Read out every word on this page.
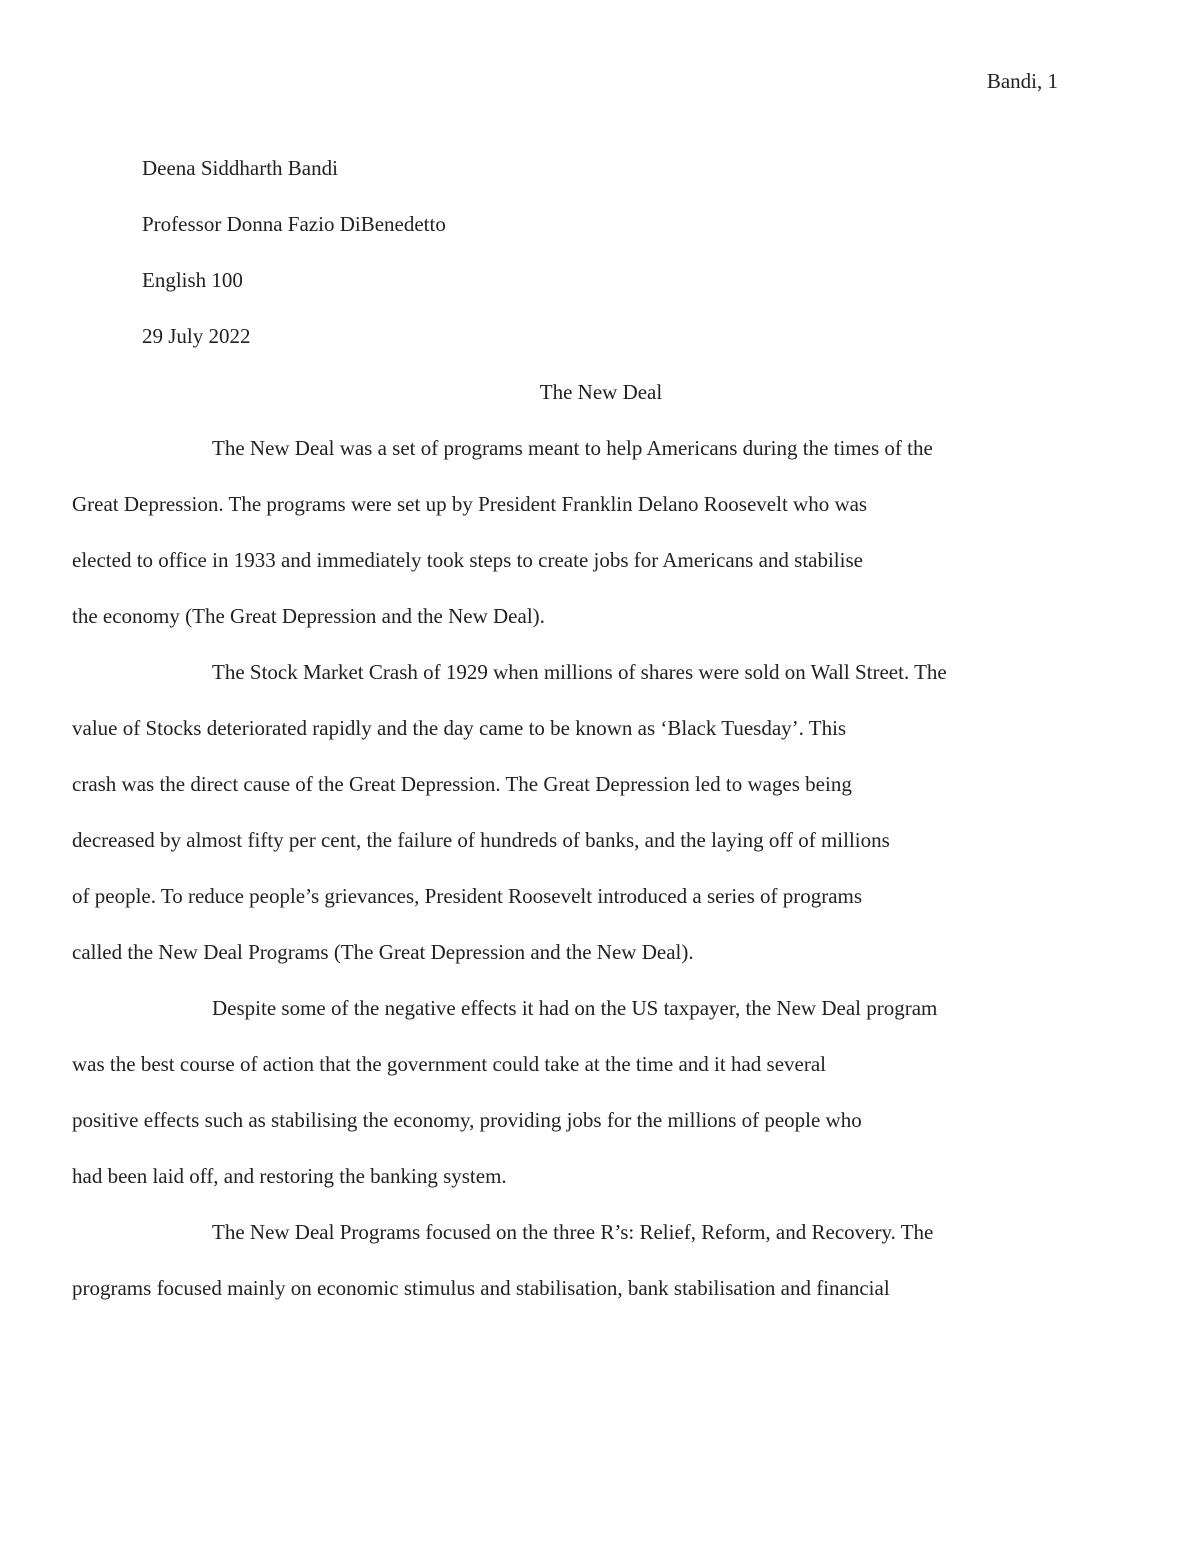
Bandi, 1

Deena Siddharth Bandi

Professor Donna Fazio DiBenedetto

English 100

29 July 2022

The New Deal

The New Deal was a set of programs meant to help Americans during the times of the
Great Depression. The programs were set up by President Franklin Delano Roosevelt who was
elected to office in 1933 and immediately took steps to create jobs for Americans and stabilise
the economy (The Great Depression and the New Deal).

The Stock Market Crash of 1929 when millions of shares were sold on Wall Street. The
value of Stocks deteriorated rapidly and the day came to be known as ‘Black Tuesday’. This
crash was the direct cause of the Great Depression. The Great Depression led to wages being
decreased by almost fifty per cent, the failure of hundreds of banks, and the laying off of millions
of people. To reduce people’s grievances, President Roosevelt introduced a series of programs
called the New Deal Programs (The Great Depression and the New Deal).

Despite some of the negative effects it had on the US taxpayer, the New Deal program
was the best course of action that the government could take at the time and it had several
positive effects such as stabilising the economy, providing jobs for the millions of people who
had been laid off, and restoring the banking system.

The New Deal Programs focused on the three R’s: Relief, Reform, and Recovery. The
programs focused mainly on economic stimulus and stabilisation, bank stabilisation and financial
